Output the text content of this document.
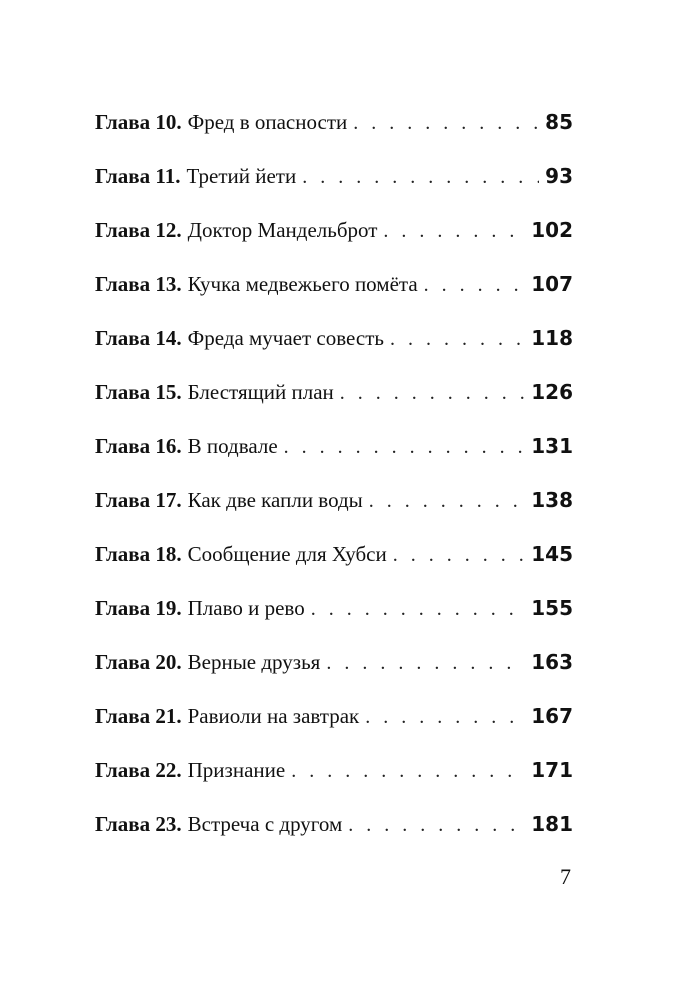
Глава 10. Фред в опасности . . .	85
Глава 11. Третий йети . . .	93
Глава 12. Доктор Мандельброт . . .	102
Глава 13. Кучка медвежьего помёта . . .	107
Глава 14. Фреда мучает совесть . . .	118
Глава 15. Блестящий план . . .	126
Глава 16. В подвале . . .	131
Глава 17. Как две капли воды . . .	138
Глава 18. Сообщение для Хубси . . .	145
Глава 19. Плаво и рево . . .	155
Глава 20. Верные друзья . . .	163
Глава 21. Равиоли на завтрак . . .	167
Глава 22. Признание . . .	171
Глава 23. Встреча с другом . . .	181
7
